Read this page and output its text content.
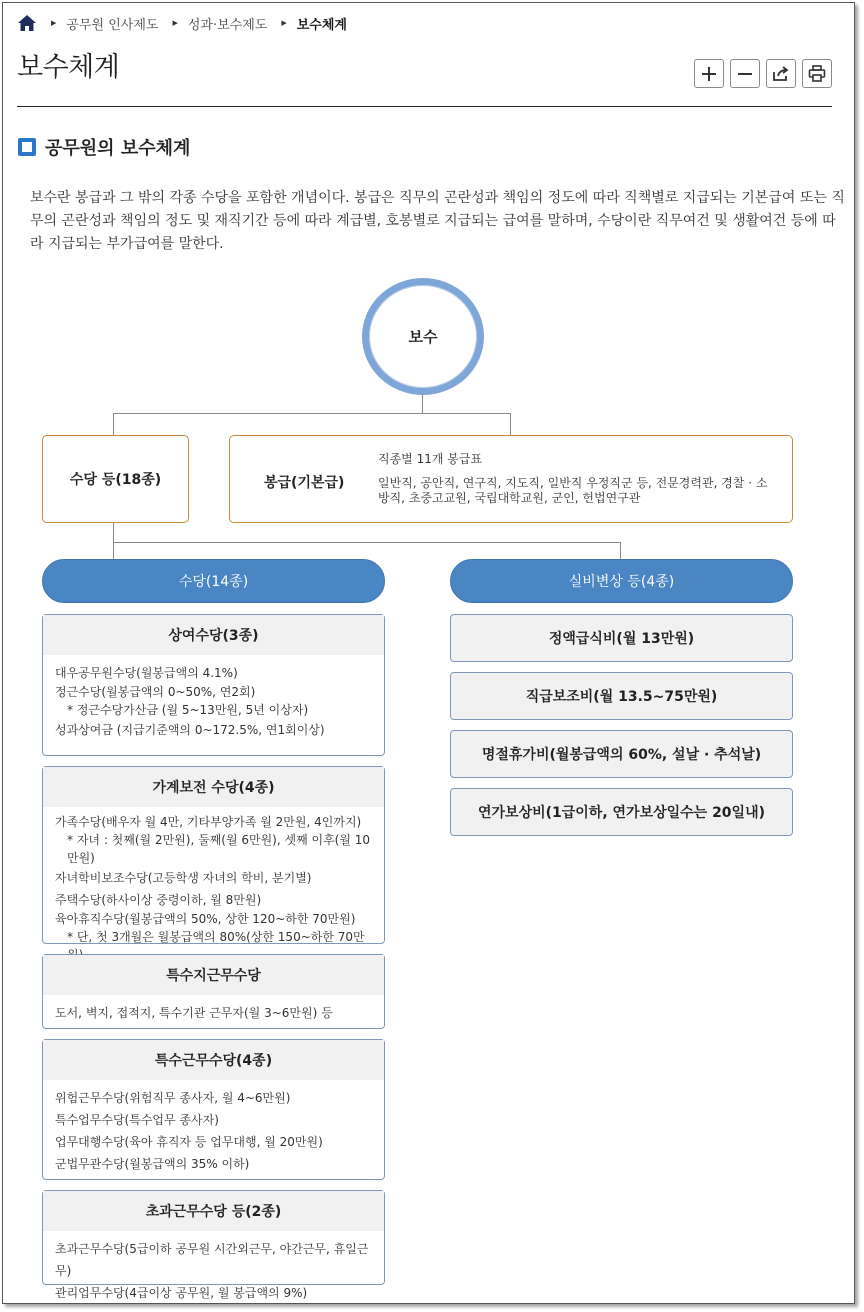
▶ 공무원 인사제도 ▶ 성과·보수제도 ▶ 보수체계
보수체계
공무원의 보수체계

보수란 봉급과 그 밖의 각종 수당을 포함한 개념이다. 봉급은 직무의 곤란성과 책임의 정도에 따라 직책별로 지급되는 기본급여 또는 직무의 곤란성과 책임의 정도 및 재직기간 등에 따라 계급별, 호봉별로 지급되는 급여를 말하며, 수당이란 직무여건 및 생활여건 등에 따라 지급되는 부가급여를 말한다.

보수
수당 등(18종)	봉급(기본급)
직종별 11개 봉급표
일반직, 공안직, 연구직, 지도직, 일반직 우정직군 등, 전문경력관, 경찰 · 소방직, 초중고교원, 국립대학교원, 군인, 헌법연구관
수당(14종)	실비변상 등(4종)
상여수당(3종)
대우공무원수당(월봉급액의 4.1%)
정근수당(월봉급액의 0~50%, 연2회)
* 정근수당가산금 (월 5~13만원, 5년 이상자)
성과상여금 (지급기준액의 0~172.5%, 연1회이상)
가계보전 수당(4종)
가족수당(배우자 월 4만, 기타부양가족 월 2만원, 4인까지)
* 자녀 : 첫째(월 2만원), 둘째(월 6만원), 셋째 이후(월 10만원)
자녀학비보조수당(고등학생 자녀의 학비, 분기별)
주택수당(하사이상 중령이하, 월 8만원)
육아휴직수당(월봉급액의 50%, 상한 120~하한 70만원)
* 단, 첫 3개월은 월봉급액의 80%(상한 150~하한 70만
특수지근무수당
도서, 벽지, 접적지, 특수기관 근무자(월 3~6만원) 등
특수근무수당(4종)
위험근무수당(위험직무 종사자, 월 4~6만원)
특수업무수당(특수업무 종사자)
업무대행수당(육아 휴직자 등 업무대행, 월 20만원)
군법무관수당(월봉급액의 35% 이하)
초과근무수당 등(2종)
초과근무수당(5급이하 공무원 시간외근무, 야간근무, 휴일근무)
관리업무수당(4급이상 공무원, 월 봉급액의 9%)
정액급식비(월 13만원)
직급보조비(월 13.5~75만원)
명절휴가비(월봉급액의 60%, 설날 · 추석날)
연가보상비(1급이하, 연가보상일수는 20일내)
